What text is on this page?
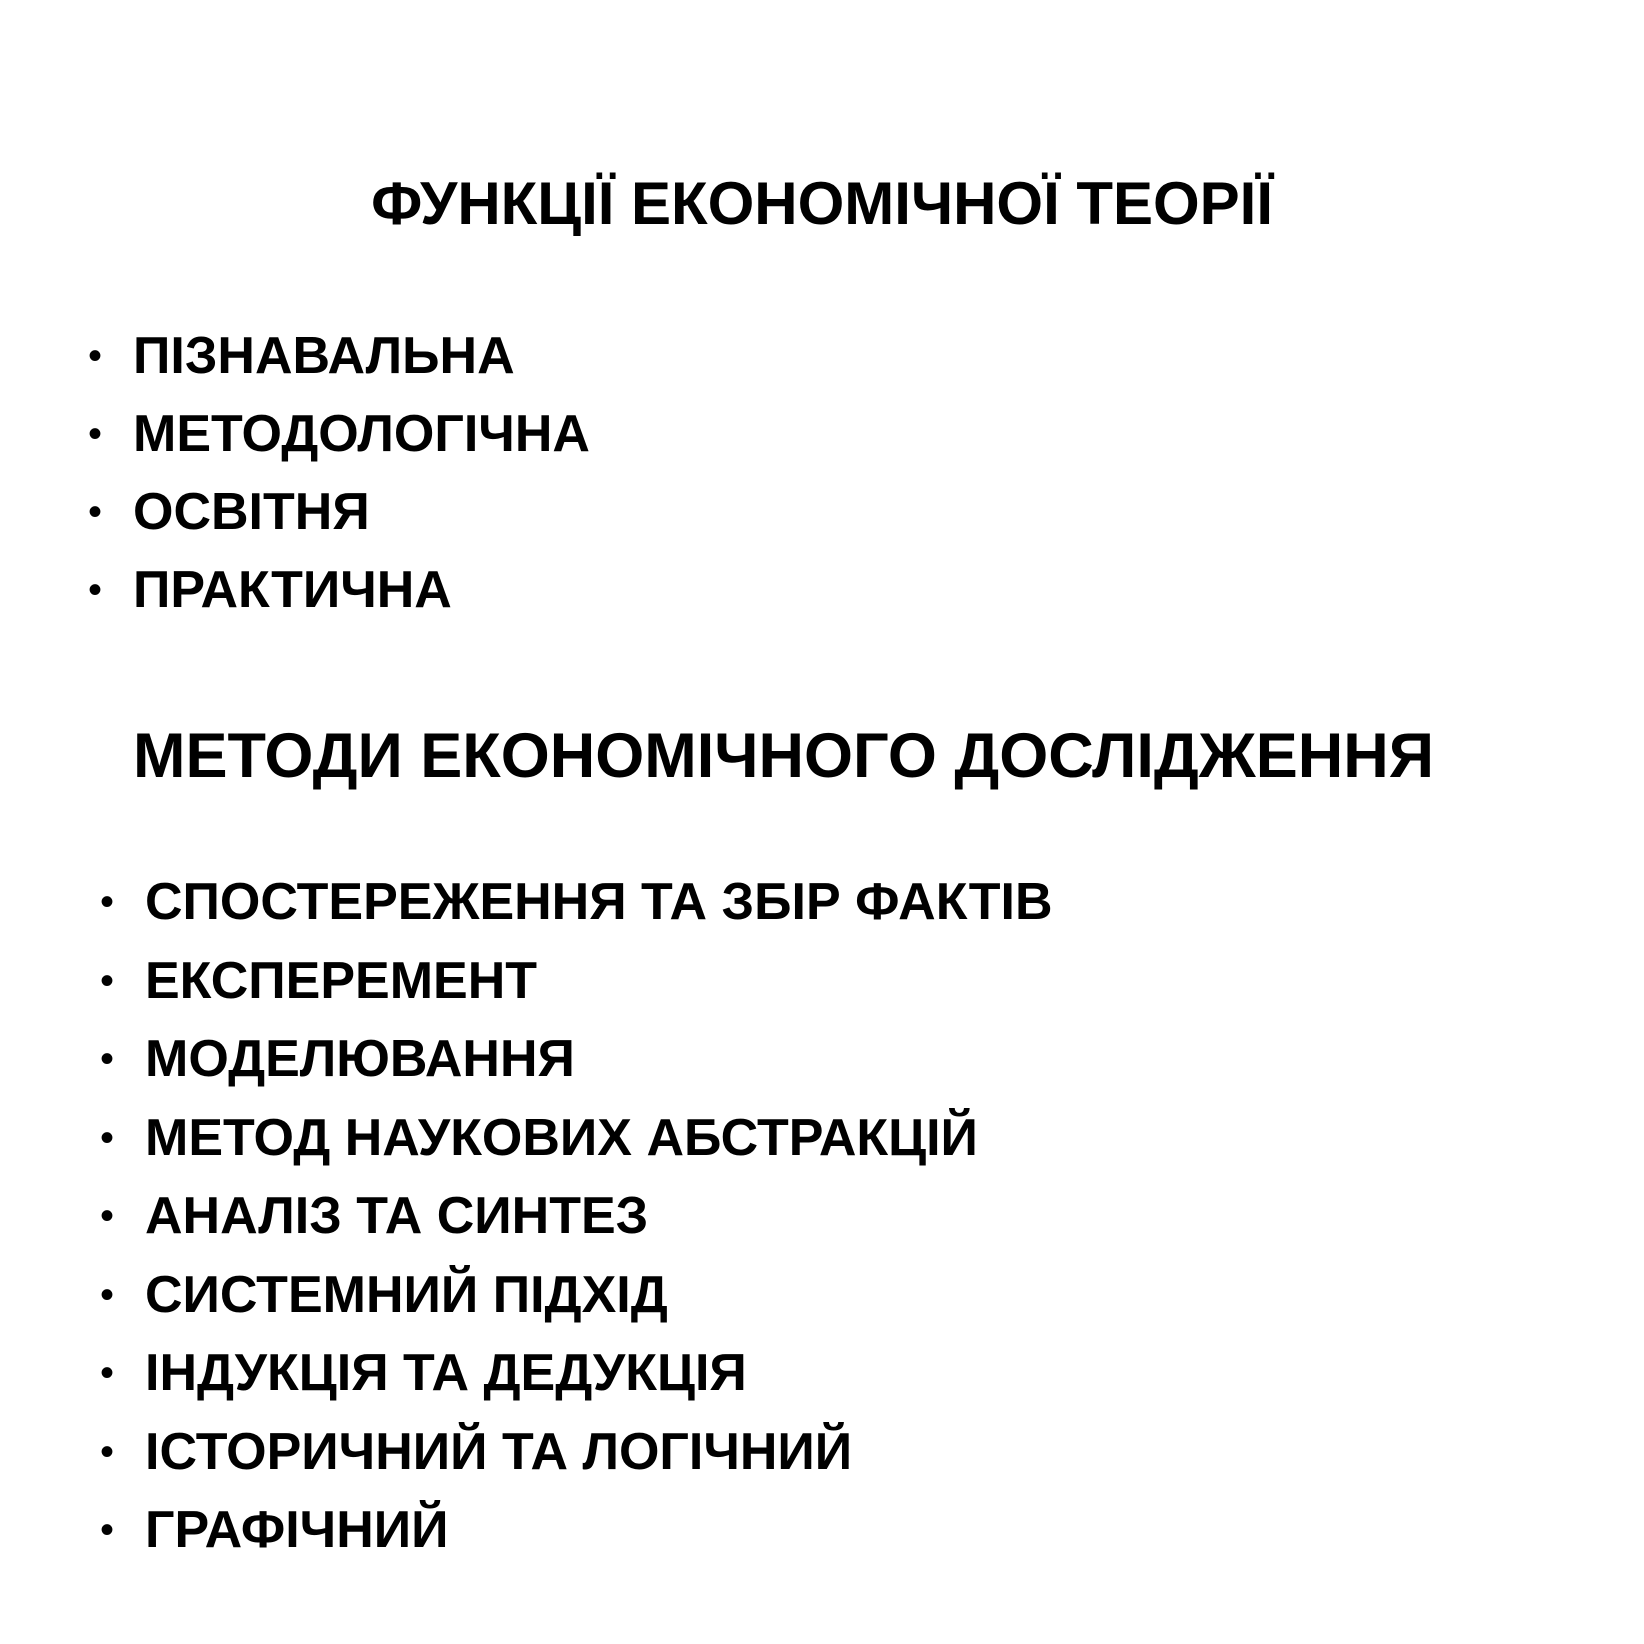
ФУНКЦІЇ ЕКОНОМІЧНОЇ ТЕОРІЇ
• ПІЗНАВАЛЬНА
• МЕТОДОЛОГІЧНА
• ОСВІТНЯ
• ПРАКТИЧНА
МЕТОДИ ЕКОНОМІЧНОГО ДОСЛІДЖЕННЯ
• СПОСТЕРЕЖЕННЯ ТА ЗБІР ФАКТІВ
• ЕКСПЕРЕМЕНТ
• МОДЕЛЮВАННЯ
• МЕТОД НАУКОВИХ АБСТРАКЦІЙ
• АНАЛІЗ ТА СИНТЕЗ
• СИСТЕМНИЙ ПІДХІД
• ІНДУКЦІЯ ТА ДЕДУКЦІЯ
• ІСТОРИЧНИЙ ТА ЛОГІЧНИЙ
• ГРАФІЧНИЙ
